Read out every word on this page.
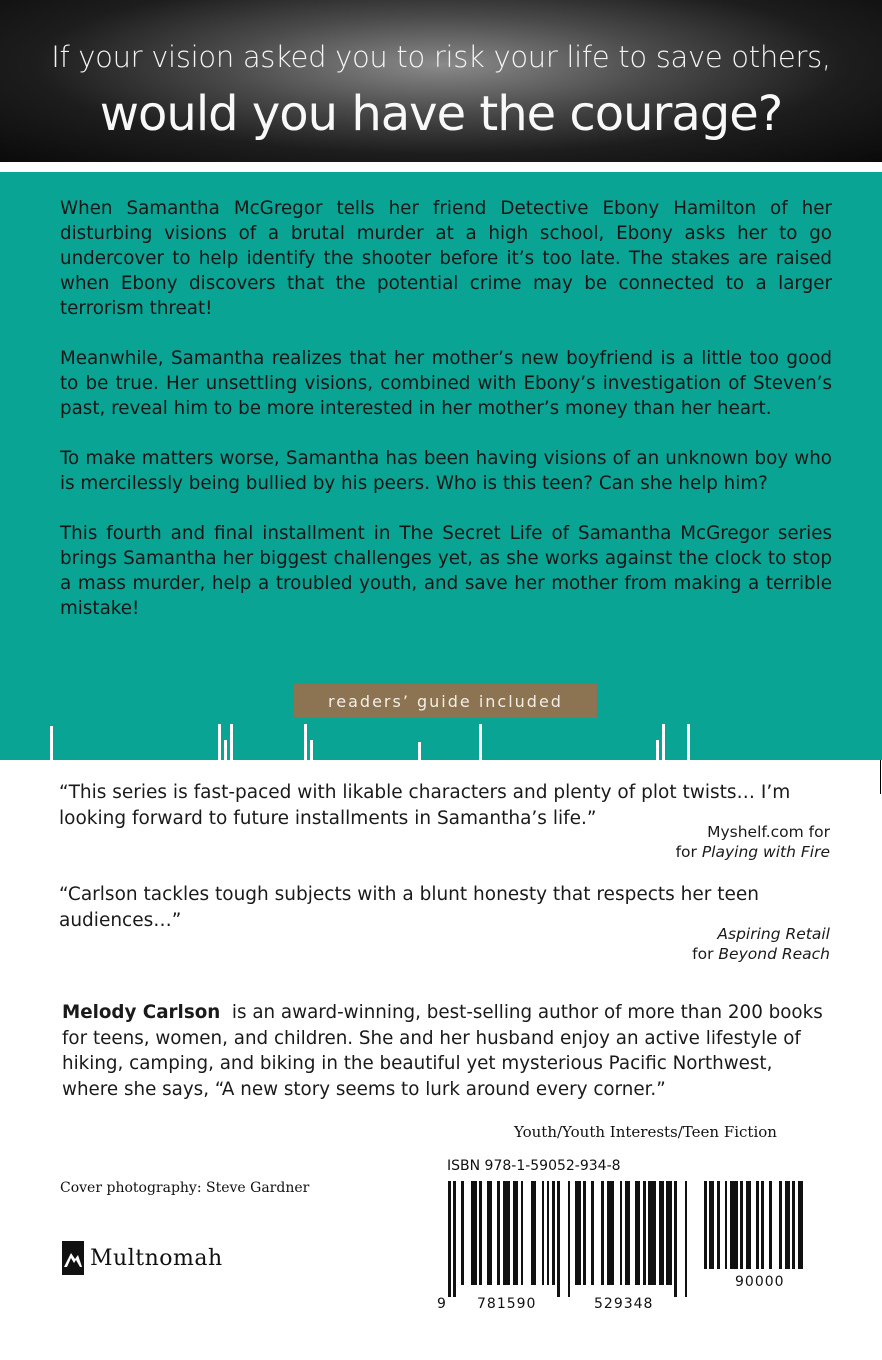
If your vision asked you to risk your life to save others,
would you have the courage?

When Samantha McGregor tells her friend Detective Ebony Hamilton of her disturbing visions of a brutal murder at a high school, Ebony asks her to go undercover to help identify the shooter before it’s too late. The stakes are raised when Ebony discovers that the potential crime may be connected to a larger terrorism threat!

Meanwhile, Samantha realizes that her mother’s new boyfriend is a little too good to be true. Her unsettling visions, combined with Ebony’s investigation of Steven’s past, reveal him to be more interested in her mother’s money than her heart.

To make matters worse, Samantha has been having visions of an unknown boy who is mercilessly being bullied by his peers. Who is this teen? Can she help him?

This fourth and final installment in The Secret Life of Samantha McGregor series brings Samantha her biggest challenges yet, as she works against the clock to stop a mass murder, help a troubled youth, and save her mother from making a terrible mistake!

readers’ guide included
“This series is fast-paced with likable characters and plenty of plot twists… I’m looking forward to future installments in Samantha’s life.”
Myshelf.com for
for Playing with Fire
“Carlson tackles tough subjects with a blunt honesty that respects her teen audiences…”
Aspiring Retail
for Beyond Reach
Melody Carlson is an award-winning, best-selling author of more than 200 books for teens, women, and children. She and her husband enjoy an active lifestyle of hiking, camping, and biking in the beautiful yet mysterious Pacific Northwest, where she says, “A new story seems to lurk around every corner.”
Youth/Youth Interests/Teen Fiction
ISBN 978-1-59052-934-8
Cover photography: Steve Gardner
Multnomah
9 781590	529348
90000
